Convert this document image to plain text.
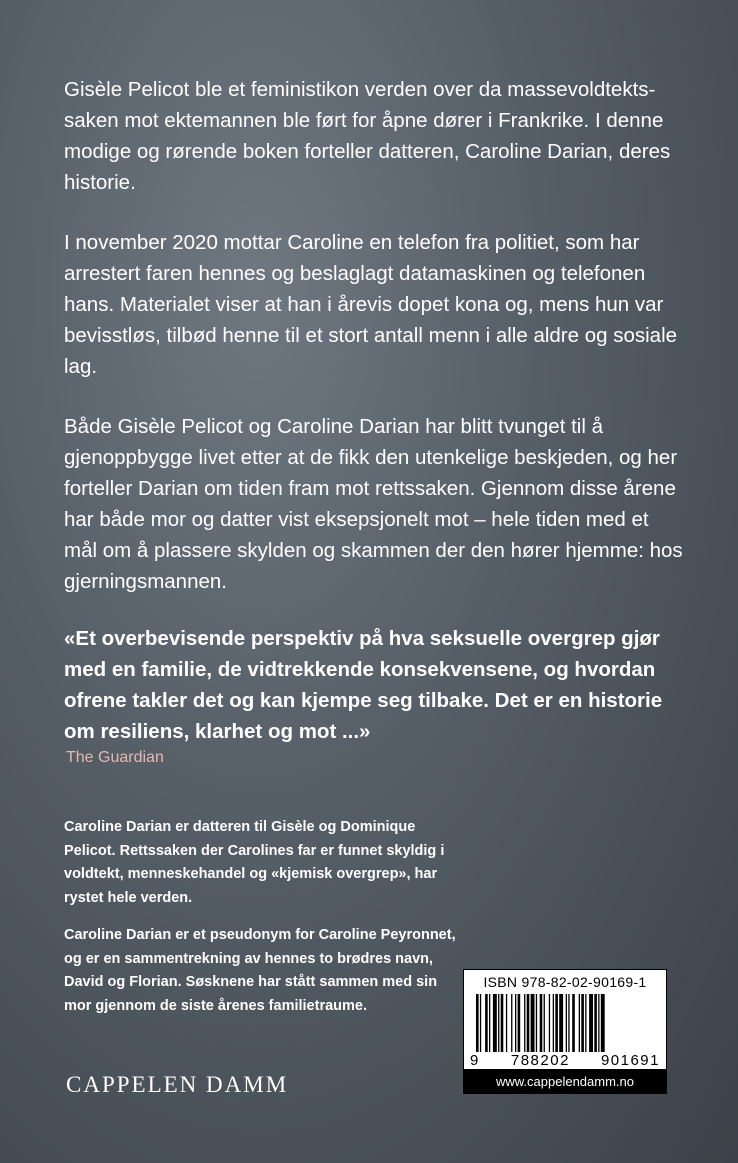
Gisèle Pelicot ble et feministikon verden over da massevoldtekts-saken mot ektemannen ble ført for åpne dører i Frankrike. I denne modige og rørende boken forteller datteren, Caroline Darian, deres historie.

I november 2020 mottar Caroline en telefon fra politiet, som har arrestert faren hennes og beslaglagt datamaskinen og telefonen hans. Materialet viser at han i årevis dopet kona og, mens hun var bevisstløs, tilbød henne til et stort antall menn i alle aldre og sosiale lag.

Både Gisèle Pelicot og Caroline Darian har blitt tvunget til å gjenoppbygge livet etter at de fikk den utenkelige beskjeden, og her forteller Darian om tiden fram mot rettssaken. Gjennom disse årene har både mor og datter vist eksepsjonelt mot – hele tiden med et mål om å plassere skylden og skammen der den hører hjemme: hos gjerningsmannen.

«Et overbevisende perspektiv på hva seksuelle overgrep gjør med en familie, de vidtrekkende konsekvensene, og hvordan ofrene takler det og kan kjempe seg tilbake. Det er en historie om resiliens, klarhet og mot ...»

The Guardian

Caroline Darian er datteren til Gisèle og Dominique Pelicot. Rettssaken der Carolines far er funnet skyldig i voldtekt, menneskehandel og «kjemisk overgrep», har rystet hele verden.

Caroline Darian er et pseudonym for Caroline Peyronnet, og er en sammentrekning av hennes to brødres navn, David og Florian. Søsknene har stått sammen med sin mor gjennom de siste årenes familietraume.

CAPPELEN DAMM

ISBN 978-82-02-90169-1
9 788202 901691
www.cappelendamm.no
